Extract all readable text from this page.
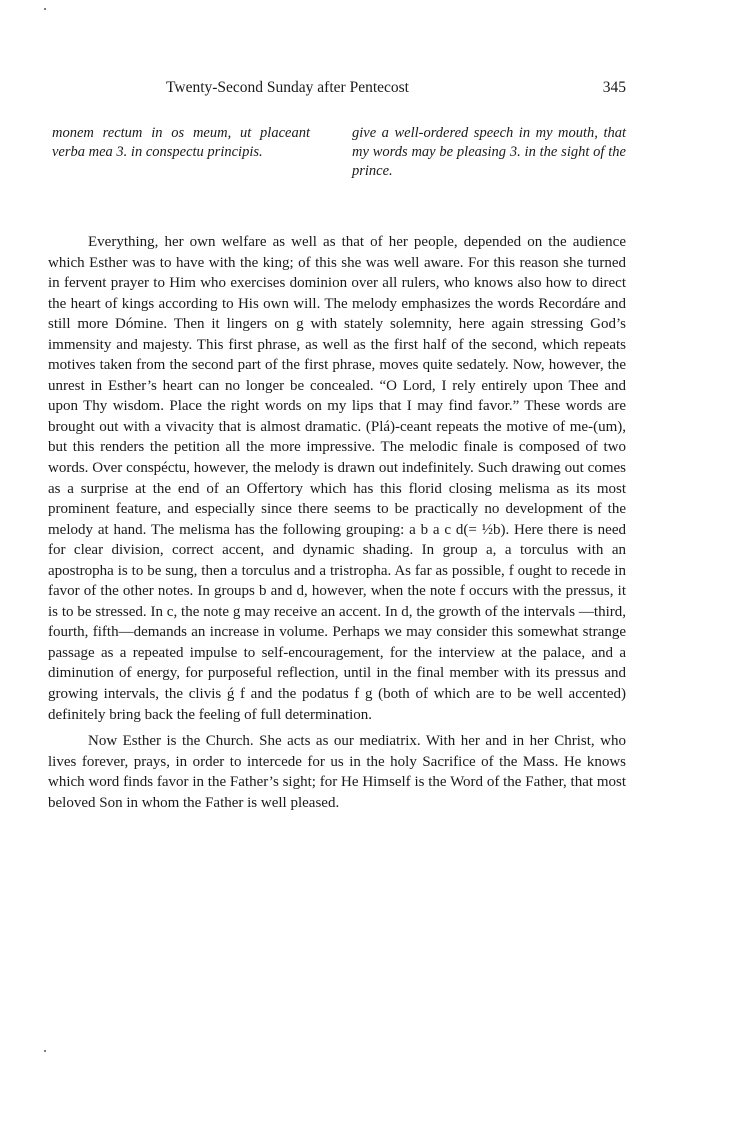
Twenty-Second Sunday after Pentecost	345

monem rectum in os meum, ut placeant verba mea 3. in conspectu principis.

give a well-ordered speech in my mouth, that my words may be pleasing 3. in the sight of the prince.

Everything, her own welfare as well as that of her people, depended on the audience which Esther was to have with the king; of this she was well aware. For this reason she turned in fervent prayer to Him who exercises dominion over all rulers, who knows also how to direct the heart of kings according to His own will. The melody emphasizes the words Recordáre and still more Dómine. Then it lingers on g with stately solemnity, here again stressing God’s immensity and majesty. This first phrase, as well as the first half of the second, which repeats motives taken from the second part of the first phrase, moves quite sedately. Now, however, the unrest in Esther’s heart can no longer be concealed. “O Lord, I rely entirely upon Thee and upon Thy wisdom. Place the right words on my lips that I may find favor.” These words are brought out with a vivacity that is almost dramatic. (Plá)-ceant repeats the motive of me-(um), but this renders the petition all the more impressive. The melodic finale is composed of two words. Over conspéctu, however, the melody is drawn out indefinitely. Such drawing out comes as a surprise at the end of an Offertory which has this florid closing melisma as its most prominent feature, and especially since there seems to be practically no development of the melody at hand. The melisma has the following grouping: a b a c d(= ½b). Here there is need for clear division, correct accent, and dynamic shading. In group a, a torculus with an apostropha is to be sung, then a torculus and a tristropha. As far as possible, f ought to recede in favor of the other notes. In groups b and d, however, when the note f occurs with the pressus, it is to be stressed. In c, the note g may receive an accent. In d, the growth of the intervals —third, fourth, fifth—demands an increase in volume. Perhaps we may consider this somewhat strange passage as a repeated impulse to self-encouragement, for the interview at the palace, and a diminution of energy, for purposeful reflection, until in the final member with its pressus and growing intervals, the clivis ǵ f and the podatus f g (both of which are to be well accented) definitely bring back the feeling of full determination.

Now Esther is the Church. She acts as our mediatrix. With her and in her Christ, who lives forever, prays, in order to intercede for us in the holy Sacrifice of the Mass. He knows which word finds favor in the Father’s sight; for He Himself is the Word of the Father, that most beloved Son in whom the Father is well pleased.
